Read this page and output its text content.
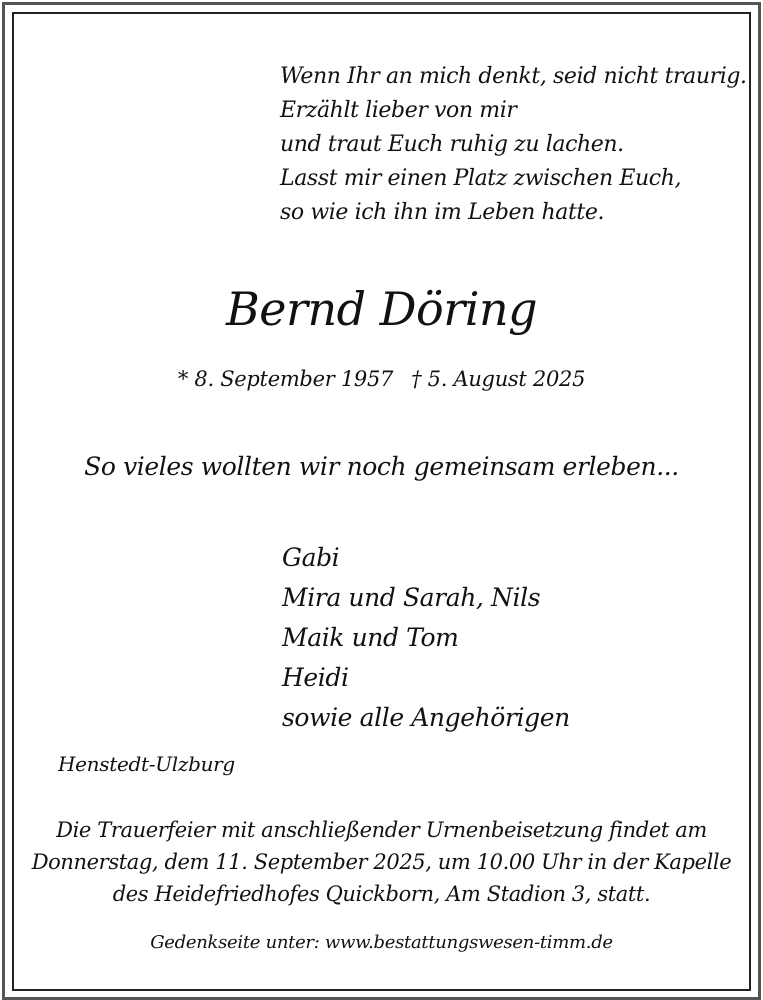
Wenn Ihr an mich denkt, seid nicht traurig.
Erzählt lieber von mir
und traut Euch ruhig zu lachen.
Lasst mir einen Platz zwischen Euch,
so wie ich ihn im Leben hatte.
Bernd Döring
* 8. September 1957 † 5. August 2025
So vieles wollten wir noch gemeinsam erleben...
Gabi
Mira und Sarah, Nils
Maik und Tom
Heidi
sowie alle Angehörigen
Henstedt-Ulzburg
Die Trauerfeier mit anschließender Urnenbeisetzung findet am
Donnerstag, dem 11. September 2025, um 10.00 Uhr in der Kapelle
des Heidefriedhofes Quickborn, Am Stadion 3, statt.
Gedenkseite unter: www.bestattungswesen-timm.de
